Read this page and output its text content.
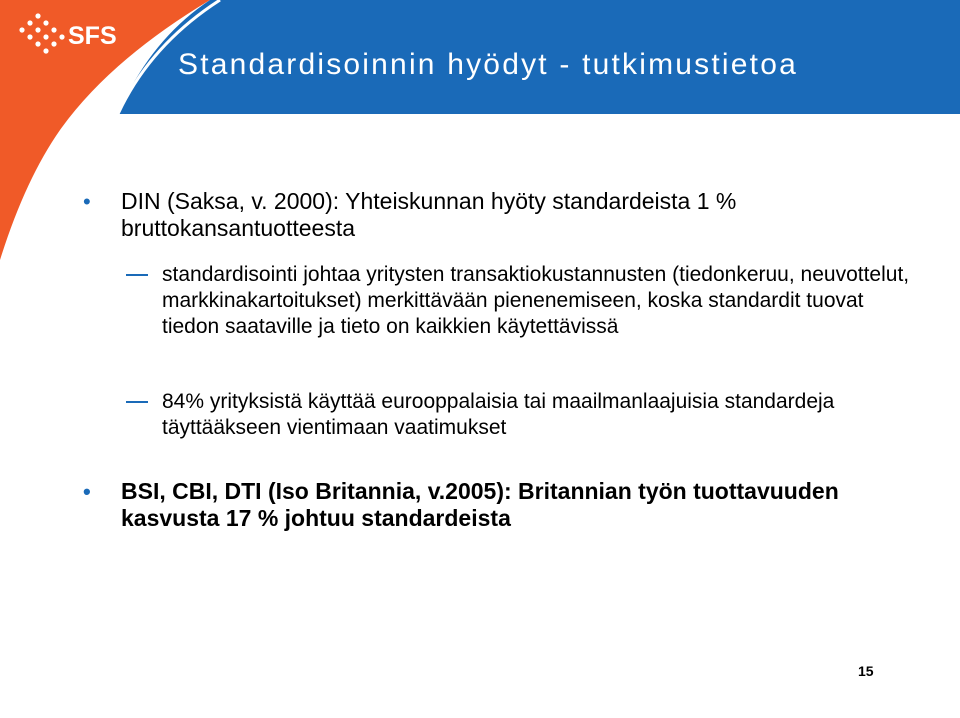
SFS
Standardisoinnin hyödyt - tutkimustietoa
• DIN (Saksa, v. 2000): Yhteiskunnan hyöty standardeista 1 % bruttokansantuotteesta
standardisointi johtaa yritysten transaktiokustannusten (tiedonkeruu, neuvottelut, markkinakartoitukset) merkittävään pienenemiseen, koska standardit tuovat tiedon saataville ja tieto on kaikkien käytettävissä
84% yrityksistä käyttää eurooppalaisia tai maailmanlaajuisia standardeja täyttääkseen vientimaan vaatimukset
• BSI, CBI, DTI (Iso Britannia, v.2005): Britannian työn tuottavuuden kasvusta 17 % johtuu standardeista
15
